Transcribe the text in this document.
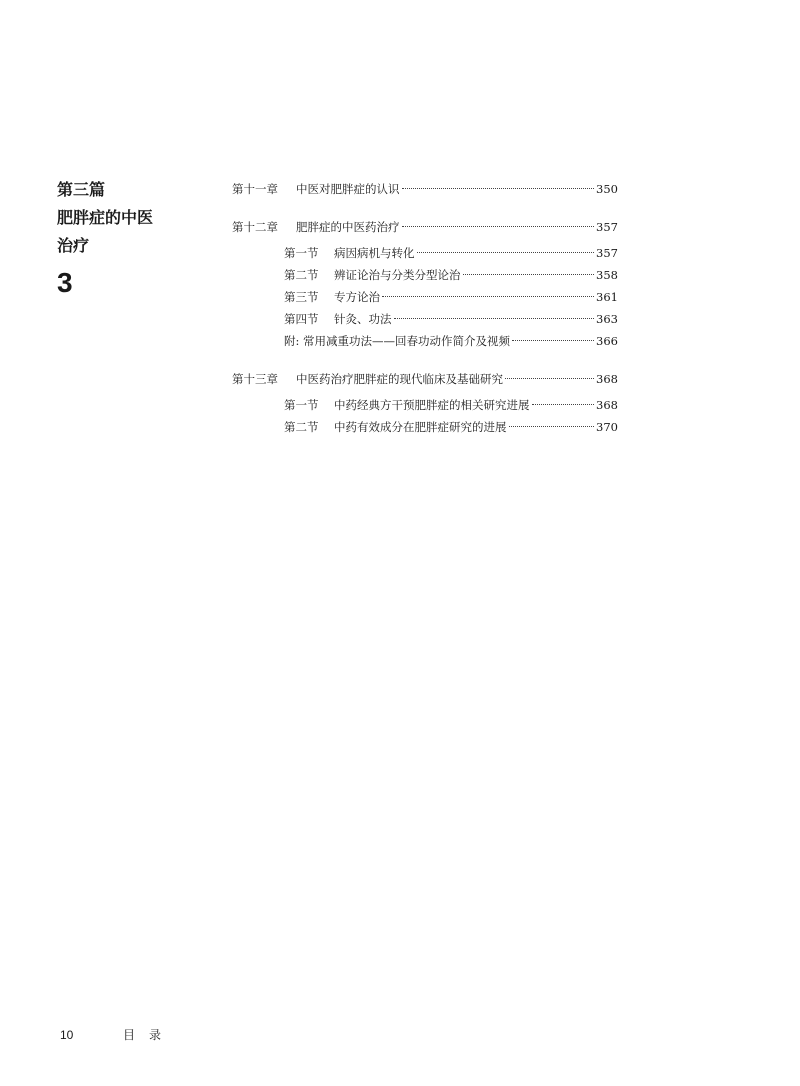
第三篇

肥胖症的中医

治疗

3
第十一章	中医对肥胖症的认识	350
第十二章	肥胖症的中医药治疗	357
第一节	病因病机与转化	357
第二节	辨证论治与分类分型论治	358
第三节	专方论治	361
第四节	针灸、功法	363
附: 常用减重功法——回春功动作简介及视频	366
第十三章	中医药治疗肥胖症的现代临床及基础研究	368
第一节	中药经典方干预肥胖症的相关研究进展	368
第二节	中药有效成分在肥胖症研究的进展	370
10	目录
